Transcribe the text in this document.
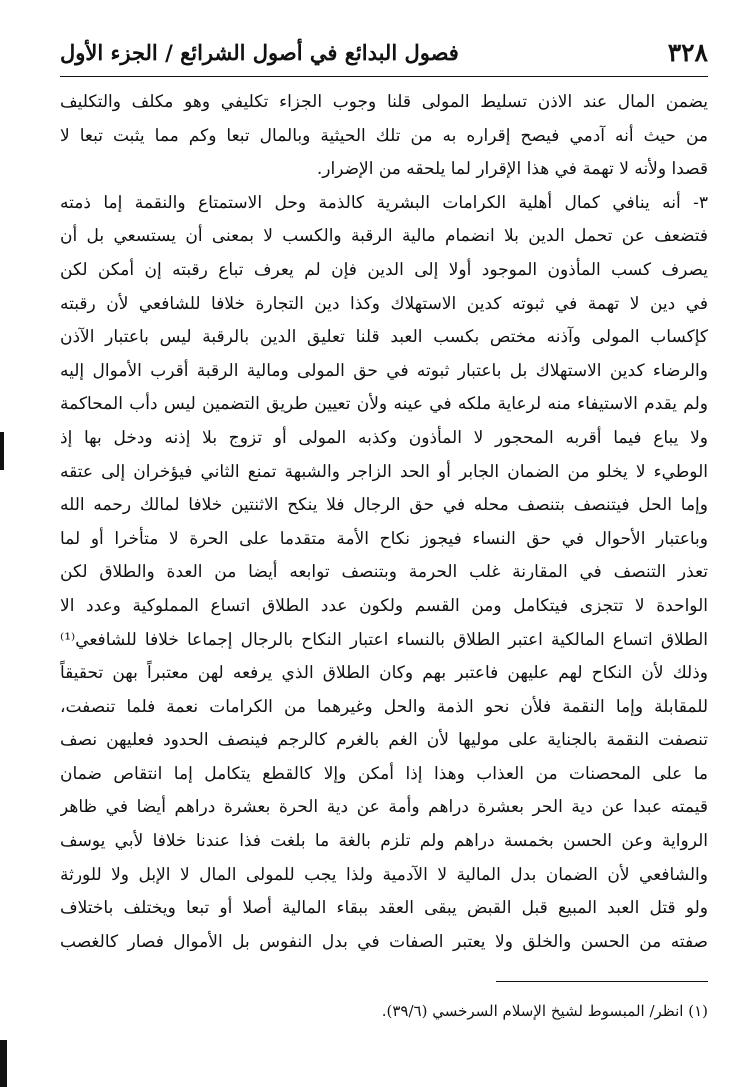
٣٢٨
فصول البدائع في أصول الشرائع / الجزء الأول
يضمن المال عند الاذن تسليط المولى قلنا وجوب الجزاء تكليفي وهو مكلف والتكليف
من حيث أنه آدمي فيصح إقراره به من تلك الحيثية وبالمال تبعا وكم مما يثبت تبعا لا
قصدا ولأنه لا تهمة في هذا الإقرار لما يلحقه من الإضرار.
٣- أنه ينافي كمال أهلية الكرامات البشرية كالذمة وحل الاستمتاع والنقمة إما ذمته
فتضعف عن تحمل الدين بلا انضمام مالية الرقبة والكسب لا بمعنى أن يستسعي بل أن
يصرف كسب المأذون الموجود أولا إلى الدين فإن لم يعرف تباع رقبته إن أمكن لكن
في دين لا تهمة في ثبوته كدين الاستهلاك وكذا دين التجارة خلافا للشافعي لأن رقبته
كإكساب المولى وآذنه مختص بكسب العبد قلنا تعليق الدين بالرقبة ليس باعتبار الآذن
والرضاء كدين الاستهلاك بل باعتبار ثبوته في حق المولى ومالية الرقبة أقرب الأموال إليه
ولم يقدم الاستيفاء منه لرعاية ملكه في عينه ولأن تعيين طريق التضمين ليس دأب المحاكمة
ولا يباع فيما أقربه المحجور لا المأذون وكذبه المولى أو تزوج بلا إذنه ودخل بها إذ
الوطيء لا يخلو من الضمان الجابر أو الحد الزاجر والشبهة تمنع الثاني فيؤخران إلى عتقه
وإما الحل فيتنصف بتنصف محله في حق الرجال فلا ينكح الاثنتين خلافا لمالك رحمه الله
وباعتبار الأحوال في حق النساء فيجوز نكاح الأمة متقدما على الحرة لا متأخرا أو لما
تعذر التنصف في المقارنة غلب الحرمة وبتنصف توابعه أيضا من العدة والطلاق لكن
الواحدة لا تتجزى فيتكامل ومن القسم ولكون عدد الطلاق اتساع المملوكية وعدد الا
الطلاق اتساع المالكية اعتبر الطلاق بالنساء اعتبار النكاح بالرجال إجماعا خلافا للشافعي⁽¹⁾
وذلك لأن النكاح لهم عليهن فاعتبر بهم وكان الطلاق الذي يرفعه لهن معتبراً بهن تحقيقاً
للمقابلة وإما النقمة فلأن نحو الذمة والحل وغيرهما من الكرامات نعمة فلما تنصفت،
تنصفت النقمة بالجناية على موليها لأن الغم بالغرم كالرجم فينصف الحدود فعليهن نصف
ما على المحصنات من العذاب وهذا إذا أمكن وإلا كالقطع يتكامل إما انتقاص ضمان
قيمته عبدا عن دية الحر بعشرة دراهم وأمة عن دية الحرة بعشرة دراهم أيضا في ظاهر
الرواية وعن الحسن بخمسة دراهم ولم تلزم بالغة ما بلغت فذا عندنا خلافا لأبي يوسف
والشافعي لأن الضمان بدل المالية لا الآدمية ولذا يجب للمولى المال لا الإبل ولا للورثة
ولو قتل العبد المبيع قبل القبض يبقى العقد ببقاء المالية أصلا أو تبعا ويختلف باختلاف
صفته من الحسن والخلق ولا يعتبر الصفات في بدل النفوس بل الأموال فصار كالغصب
(١) انظر/ المبسوط لشيخ الإسلام السرخسي (٣٩/٦).
